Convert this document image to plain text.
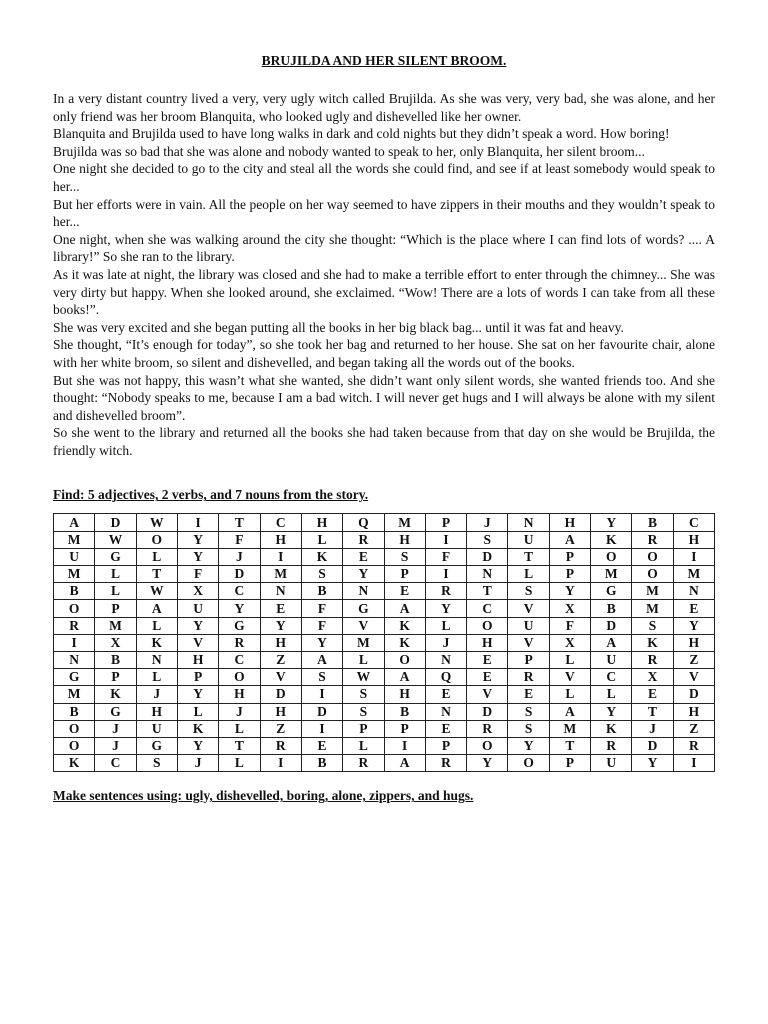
BRUJILDA AND HER SILENT BROOM.

In a very distant country lived a very, very ugly witch called Brujilda. As she was very, very bad, she was alone, and her only friend was her broom Blanquita, who looked ugly and dishevelled like her owner.

Blanquita and Brujilda used to have long walks in dark and cold nights but they didn’t speak a word. How boring!

Brujilda was so bad that she was alone and nobody wanted to speak to her, only Blanquita, her silent broom...

One night she decided to go to the city and steal all the words she could find, and see if at least somebody would speak to her...

But her efforts were in vain. All the people on her way seemed to have zippers in their mouths and they wouldn’t speak to her...

One night, when she was walking around the city she thought: “Which is the place where I can find lots of words? .... A library!” So she ran to the library.

As it was late at night, the library was closed and she had to make a terrible effort to enter through the chimney... She was very dirty but happy. When she looked around, she exclaimed. “Wow! There are a lots of words I can take from all these books!”.

She was very excited and she began putting all the books in her big black bag... until it was fat and heavy.

She thought, “It’s enough for today”, so she took her bag and returned to her house. She sat on her favourite chair, alone with her white broom, so silent and dishevelled, and began taking all the words out of the books.

But she was not happy, this wasn’t what she wanted, she didn’t want only silent words, she wanted friends too. And she thought: “Nobody speaks to me, because I am a bad witch. I will never get hugs and I will always be alone with my silent and dishevelled broom”.

So she went to the library and returned all the books she had taken because from that day on she would be Brujilda, the friendly witch.

Find: 5 adjectives, 2 verbs, and 7 nouns from the story.

A	D	W	I	T	C	H	Q	M	P	J	N	H	Y	B	C
M	W	O	Y	F	H	L	R	H	I	S	U	A	K	R	H
U	G	L	Y	J	I	K	E	S	F	D	T	P	O	O	I
M	L	T	F	D	M	S	Y	P	I	N	L	P	M	O	M
B	L	W	X	C	N	B	N	E	R	T	S	Y	G	M	N
O	P	A	U	Y	E	F	G	A	Y	C	V	X	B	M	E
R	M	L	Y	G	Y	F	V	K	L	O	U	F	D	S	Y
I	X	K	V	R	H	Y	M	K	J	H	V	X	A	K	H
N	B	N	H	C	Z	A	L	O	N	E	P	L	U	R	Z
G	P	L	P	O	V	S	W	A	Q	E	R	V	C	X	V
M	K	J	Y	H	D	I	S	H	E	V	E	L	L	E	D
B	G	H	L	J	H	D	S	B	N	D	S	A	Y	T	H
O	J	U	K	L	Z	I	P	P	E	R	S	M	K	J	Z
O	J	G	Y	T	R	E	L	I	P	O	Y	T	R	D	R
K	C	S	J	L	I	B	R	A	R	Y	O	P	U	Y	I

Make sentences using: ugly, dishevelled, boring, alone, zippers, and hugs.
